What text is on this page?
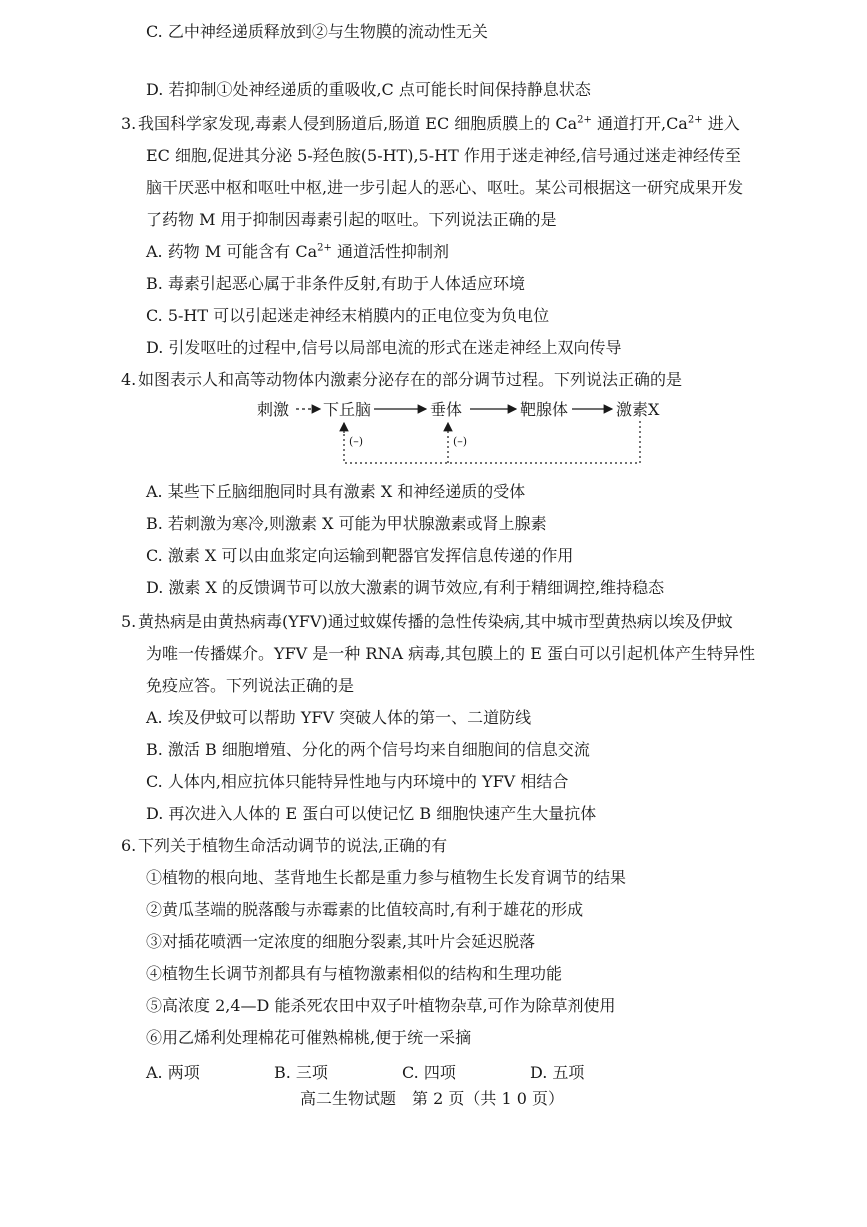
C. 乙中神经递质释放到②与生物膜的流动性无关
D. 若抑制①处神经递质的重吸收,C 点可能长时间保持静息状态
3. 我国科学家发现,毒素人侵到肠道后,肠道 EC 细胞质膜上的 $Ca^{2+}$ 通道打开$,Ca^{2+}$ 进入
EC 细胞,促进其分泌 5-羟色胺(5-HT),5-HT 作用于迷走神经,信号通过迷走神经传至
脑干厌恶中枢和呕吐中枢,进一步引起人的恶心、呕吐。某公司根据这一研究成果开发
了药物 M 用于抑制因毒素引起的呕吐。下列说法正确的是
A. 药物 M 可能含有 $Ca^{2+}$ 通道活性抑制剂
B. 毒素引起恶心属于非条件反射,有助于人体适应环境
C. 5-HT 可以引起迷走神经末梢膜内的正电位变为负电位
D. 引发呕吐的过程中,信号以局部电流的形式在迷走神经上双向传导
4. 如图表示人和高等动物体内激素分泌存在的部分调节过程。下列说法正确的是
刺激 下丘脑	垂体	靶腺体	激素X
(–)	(–)
A. 某些下丘脑细胞同时具有激素 X 和神经递质的受体
B. 若刺激为寒冷,则激素 X 可能为甲状腺激素或肾上腺素
C. 激素 X 可以由血浆定向运输到靶器官发挥信息传递的作用
D. 激素 X 的反馈调节可以放大激素的调节效应,有利于精细调控,维持稳态
5. 黄热病是由黄热病毒(YFV)通过蚊媒传播的急性传染病,其中城市型黄热病以埃及伊蚊
为唯一传播媒介。YFV 是一种 RNA 病毒,其包膜上的 E 蛋白可以引起机体产生特异性
免疫应答。下列说法正确的是
A. 埃及伊蚊可以帮助 YFV 突破人体的第一、二道防线
B. 激活 B 细胞增殖、分化的两个信号均来自细胞间的信息交流
C. 人体内,相应抗体只能特异性地与内环境中的 YFV 相结合
D. 再次进入人体的 E 蛋白可以使记忆 B 细胞快速产生大量抗体
6. 下列关于植物生命活动调节的说法,正确的有
①植物的根向地、茎背地生长都是重力参与植物生长发育调节的结果
②黄瓜茎端的脱落酸与赤霉素的比值较高时,有利于雄花的形成
③对插花喷洒一定浓度的细胞分裂素,其叶片会延迟脱落
④植物生长调节剂都具有与植物激素相似的结构和生理功能
⑤高浓度 2,4—D 能杀死农田中双子叶植物杂草,可作为除草剂使用
⑥用乙烯利处理棉花可催熟棉桃,便于统一采摘
A. 两项	B. 三项	C. 四项	D. 五项
高二生物试题　第 2 页（共 1 0 页）
